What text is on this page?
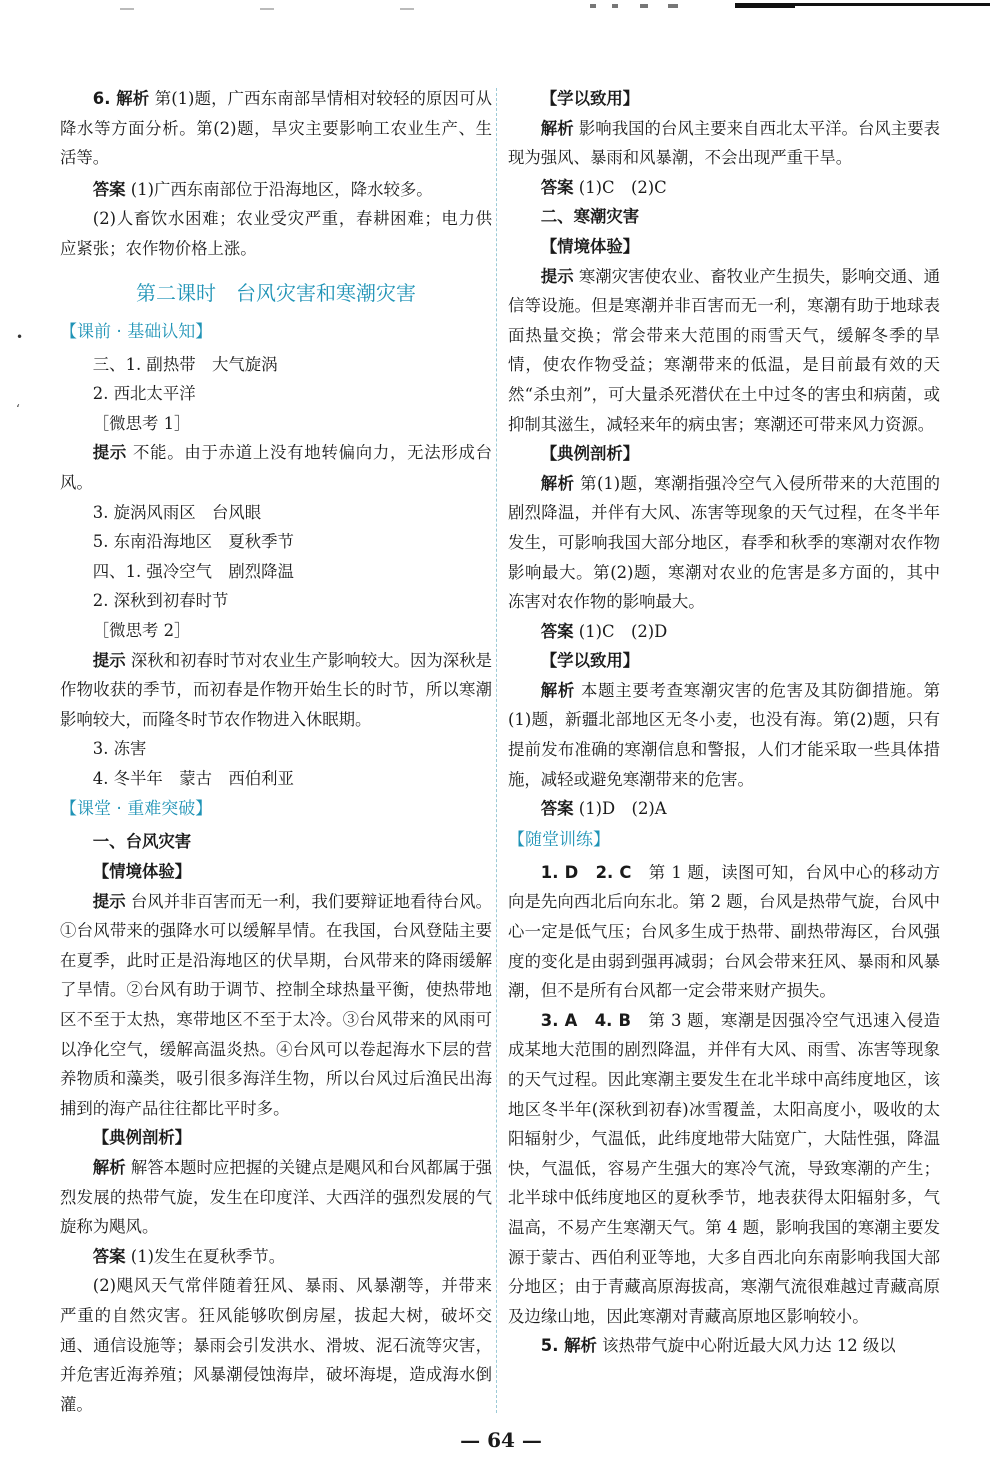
•
‘

6. 解析 第(1)题，广西东南部旱情相对较轻的原因可从降水等方面分析。第(2)题，旱灾主要影响工农业生产、生活等。

答案 (1)广西东南部位于沿海地区，降水较多。

(2)人畜饮水困难；农业受灾严重，春耕困难；电力供应紧张；农作物价格上涨。

第二课时　台风灾害和寒潮灾害
【课前 · 基础认知】

三、1. 副热带　大气旋涡

2. 西北太平洋

［微思考 1］

提示 不能。由于赤道上没有地转偏向力，无法形成台风。

3. 旋涡风雨区　台风眼

5. 东南沿海地区　夏秋季节

四、1. 强冷空气　剧烈降温

2. 深秋到初春时节

［微思考 2］

提示 深秋和初春时节对农业生产影响较大。因为深秋是作物收获的季节，而初春是作物开始生长的时节，所以寒潮影响较大，而隆冬时节农作物进入休眠期。

3. 冻害

4. 冬半年　蒙古　西伯利亚

【课堂 · 重难突破】

一、台风灾害

【情境体验】

提示 台风并非百害而无一利，我们要辩证地看待台风。①台风带来的强降水可以缓解旱情。在我国，台风登陆主要在夏季，此时正是沿海地区的伏旱期，台风带来的降雨缓解了旱情。②台风有助于调节、控制全球热量平衡，使热带地区不至于太热，寒带地区不至于太冷。③台风带来的风雨可以净化空气，缓解高温炎热。④台风可以卷起海水下层的营养物质和藻类，吸引很多海洋生物，所以台风过后渔民出海捕到的海产品往往都比平时多。

【典例剖析】

解析 解答本题时应把握的关键点是飓风和台风都属于强烈发展的热带气旋，发生在印度洋、大西洋的强烈发展的气旋称为飓风。

答案 (1)发生在夏秋季节。

(2)飓风天气常伴随着狂风、暴雨、风暴潮等，并带来严重的自然灾害。狂风能够吹倒房屋，拔起大树，破坏交通、通信设施等；暴雨会引发洪水、滑坡、泥石流等灾害，并危害近海养殖；风暴潮侵蚀海岸，破坏海堤，造成海水倒灌。

【学以致用】

解析 影响我国的台风主要来自西北太平洋。台风主要表现为强风、暴雨和风暴潮，不会出现严重干旱。

答案 (1)C　(2)C

二、寒潮灾害

【情境体验】

提示 寒潮灾害使农业、畜牧业产生损失，影响交通、通信等设施。但是寒潮并非百害而无一利，寒潮有助于地球表面热量交换；常会带来大范围的雨雪天气，缓解冬季的旱情，使农作物受益；寒潮带来的低温，是目前最有效的天然“杀虫剂”，可大量杀死潜伏在土中过冬的害虫和病菌，或抑制其滋生，减轻来年的病虫害；寒潮还可带来风力资源。

【典例剖析】

解析 第(1)题，寒潮指强冷空气入侵所带来的大范围的剧烈降温，并伴有大风、冻害等现象的天气过程，在冬半年发生，可影响我国大部分地区，春季和秋季的寒潮对农作物影响最大。第(2)题，寒潮对农业的危害是多方面的，其中冻害对农作物的影响最大。

答案 (1)C　(2)D

【学以致用】

解析 本题主要考查寒潮灾害的危害及其防御措施。第(1)题，新疆北部地区无冬小麦，也没有海。第(2)题，只有提前发布准确的寒潮信息和警报，人们才能采取一些具体措施，减轻或避免寒潮带来的危害。

答案 (1)D　(2)A

【随堂训练】

1. D　2. C　 第 1 题，读图可知，台风中心的移动方向是先向西北后向东北。第 2 题，台风是热带气旋，台风中心一定是低气压；台风多生成于热带、副热带海区，台风强度的变化是由弱到强再减弱；台风会带来狂风、暴雨和风暴潮，但不是所有台风都一定会带来财产损失。

3. A　4. B　 第 3 题，寒潮是因强冷空气迅速入侵造成某地大范围的剧烈降温，并伴有大风、雨雪、冻害等现象的天气过程。因此寒潮主要发生在北半球中高纬度地区，该地区冬半年(深秋到初春)冰雪覆盖，太阳高度小，吸收的太阳辐射少，气温低，此纬度地带大陆宽广，大陆性强，降温快，气温低，容易产生强大的寒冷气流，导致寒潮的产生；北半球中低纬度地区的夏秋季节，地表获得太阳辐射多，气温高，不易产生寒潮天气。第 4 题，影响我国的寒潮主要发源于蒙古、西伯利亚等地，大多自西北向东南影响我国大部分地区；由于青藏高原海拔高，寒潮气流很难越过青藏高原及边缘山地，因此寒潮对青藏高原地区影响较小。

5. 解析 该热带气旋中心附近最大风力达 12 级以

— 64 —
